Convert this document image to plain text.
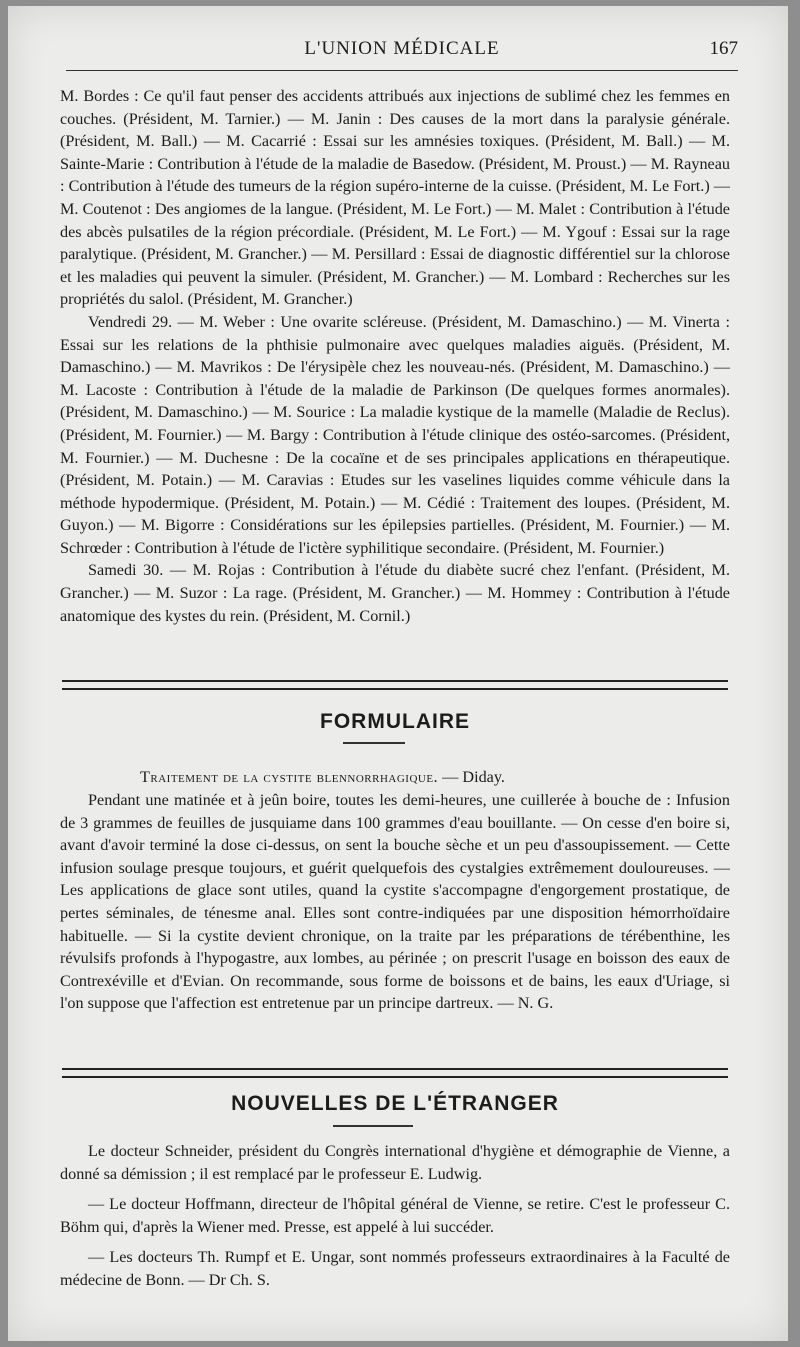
L'UNION MÉDICALE	167

M. Bordes : Ce qu'il faut penser des accidents attribués aux injections de sublimé chez les femmes en couches. (Président, M. Tarnier.) — M. Janin : Des causes de la mort dans la paralysie générale. (Président, M. Ball.) — M. Cacarrié : Essai sur les amnésies toxiques. (Président, M. Ball.) — M. Sainte-Marie : Contribution à l'étude de la maladie de Basedow. (Président, M. Proust.) — M. Rayneau : Contribution à l'étude des tumeurs de la région supéro-interne de la cuisse. (Président, M. Le Fort.) — M. Coutenot : Des angiomes de la langue. (Président, M. Le Fort.) — M. Malet : Contribution à l'étude des abcès pulsatiles de la région précordiale. (Président, M. Le Fort.) — M. Ygouf : Essai sur la rage paralytique. (Président, M. Grancher.) — M. Persillard : Essai de diagnostic différentiel sur la chlorose et les maladies qui peuvent la simuler. (Président, M. Grancher.) — M. Lombard : Recherches sur les propriétés du salol. (Président, M. Grancher.)

Vendredi 29. — M. Weber : Une ovarite scléreuse. (Président, M. Damaschino.) — M. Vinerta : Essai sur les relations de la phthisie pulmonaire avec quelques maladies aiguës. (Président, M. Damaschino.) — M. Mavrikos : De l'érysipèle chez les nouveau-nés. (Président, M. Damaschino.) — M. Lacoste : Contribution à l'étude de la maladie de Parkinson (De quelques formes anormales). (Président, M. Damaschino.) — M. Sourice : La maladie kystique de la mamelle (Maladie de Reclus). (Président, M. Fournier.) — M. Bargy : Contribution à l'étude clinique des ostéo-sarcomes. (Président, M. Fournier.) — M. Duchesne : De la cocaïne et de ses principales applications en thérapeutique. (Président, M. Potain.) — M. Caravias : Etudes sur les vaselines liquides comme véhicule dans la méthode hypodermique. (Président, M. Potain.) — M. Cédié : Traitement des loupes. (Président, M. Guyon.) — M. Bigorre : Considérations sur les épilepsies partielles. (Président, M. Fournier.) — M. Schrœder : Contribution à l'étude de l'ictère syphilitique secondaire. (Président, M. Fournier.)

Samedi 30. — M. Rojas : Contribution à l'étude du diabète sucré chez l'enfant. (Président, M. Grancher.) — M. Suzor : La rage. (Président, M. Grancher.) — M. Hommey : Contribution à l'étude anatomique des kystes du rein. (Président, M. Cornil.)

FORMULAIRE
Traitement de la cystite blennorrhagique. — Diday.

Pendant une matinée et à jeûn boire, toutes les demi-heures, une cuillerée à bouche de : Infusion de 3 grammes de feuilles de jusquiame dans 100 grammes d'eau bouillante. — On cesse d'en boire si, avant d'avoir terminé la dose ci-dessus, on sent la bouche sèche et un peu d'assoupissement. — Cette infusion soulage presque toujours, et guérit quelquefois des cystalgies extrêmement douloureuses. — Les applications de glace sont utiles, quand la cystite s'accompagne d'engorgement prostatique, de pertes séminales, de ténesme anal. Elles sont contre-indiquées par une disposition hémorrhoïdaire habituelle. — Si la cystite devient chronique, on la traite par les préparations de térébenthine, les révulsifs profonds à l'hypogastre, aux lombes, au périnée ; on prescrit l'usage en boisson des eaux de Contrexéville et d'Evian. On recommande, sous forme de boissons et de bains, les eaux d'Uriage, si l'on suppose que l'affection est entretenue par un principe dartreux. — N. G.

NOUVELLES DE L'ÉTRANGER

Le docteur Schneider, président du Congrès international d'hygiène et démographie de Vienne, a donné sa démission ; il est remplacé par le professeur E. Ludwig.

— Le docteur Hoffmann, directeur de l'hôpital général de Vienne, se retire. C'est le professeur C. Böhm qui, d'après la Wiener med. Presse, est appelé à lui succéder.

— Les docteurs Th. Rumpf et E. Ungar, sont nommés professeurs extraordinaires à la Faculté de médecine de Bonn. — Dr Ch. S.
